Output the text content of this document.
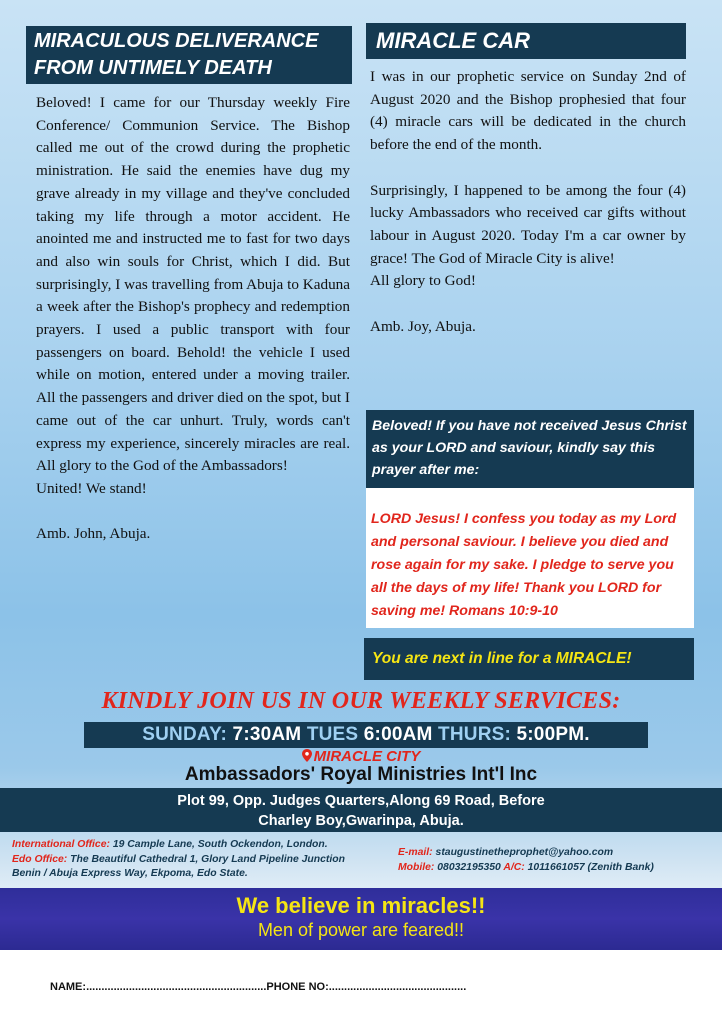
MIRACULOUS DELIVERANCE
FROM UNTIMELY DEATH
MIRACLE CAR

Beloved! I came for our Thursday weekly Fire Conference/ Communion Service. The Bishop called me out of the crowd during the prophetic ministration. He said the enemies have dug my grave already in my village and they've concluded taking my life through a motor accident. He anointed me and instructed me to fast for two days and also win souls for Christ, which I did. But surprisingly, I was travelling from Abuja to Kaduna a week after the Bishop's prophecy and redemption prayers. I used a public transport with four passengers on board. Behold! the vehicle I used while on motion, entered under a moving trailer. All the passengers and driver died on the spot, but I came out of the car unhurt. Truly, words can't express my experience, sincerely miracles are real. All glory to the God of the Ambassadors!

United! We stand!

Amb. John, Abuja.

I was in our prophetic service on Sunday 2nd of August 2020 and the Bishop prophesied that four (4) miracle cars will be dedicated in the church before the end of the month.

Surprisingly, I happened to be among the four (4) lucky Ambassadors who received car gifts without labour in August 2020. Today I'm a car owner by grace! The God of Miracle City is alive!

All glory to God!

Amb. Joy, Abuja.

Beloved! If you have not received Jesus Christ as your LORD and saviour, kindly say this prayer after me:
LORD Jesus! I confess you today as my Lord and personal saviour. I believe you died and rose again for my sake. I pledge to serve you all the days of my life! Thank you LORD for saving me! Romans 10:9-10
You are next in line for a MIRACLE!
KINDLY JOIN US IN OUR WEEKLY SERVICES:
SUNDAY: 7:30AM TUES 6:00AM THURS: 5:00PM.
MIRACLE CITY
Ambassadors' Royal Ministries Int'l Inc
Plot 99, Opp. Judges Quarters,Along 69 Road, Before
Charley Boy,Gwarinpa, Abuja.
International Office: 19 Cample Lane, South Ockendon, London.
Edo Office: The Beautiful Cathedral 1, Glory Land Pipeline Junction
Benin / Abuja Express Way, Ekpoma, Edo State.
E-mail: staugustinetheprophet@yahoo.com
Mobile: 08032195350 A/C: 1011661057 (Zenith Bank)
We believe in miracles!!
Men of power are feared!!
NAME:...........................................................PHONE NO:.............................................
